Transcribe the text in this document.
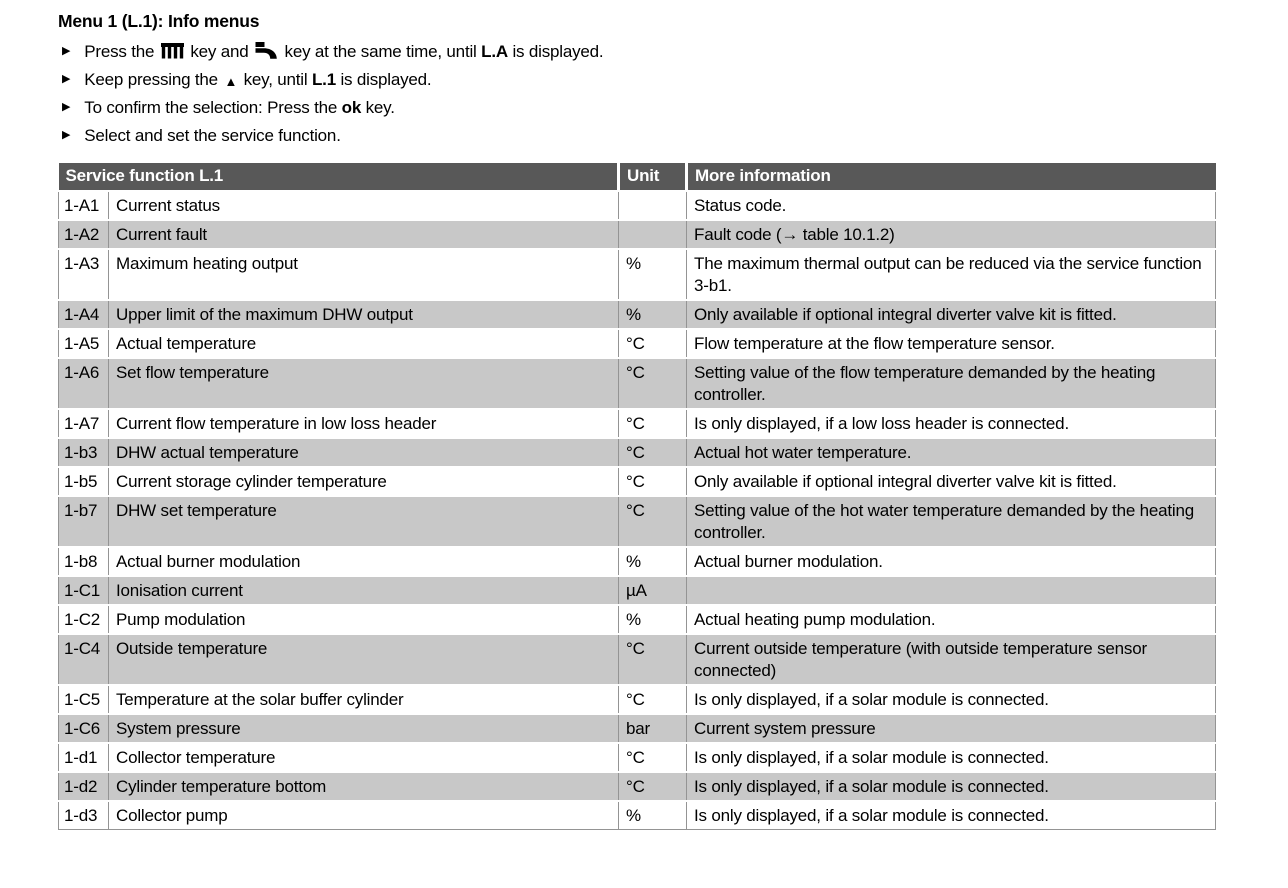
Menu 1 (L.1): Info menus
▶ Press the  key and  key at the same time, until L.A is displayed.
▶ Keep pressing the ▲ key, until L.1 is displayed.
▶ To confirm the selection: Press the ok key.
▶ Select and set the service function.
Service function L.1		Unit	More information
1-A1	Current status		Status code.
1-A2	Current fault		Fault code (→ table 10.1.2)
1-A3	Maximum heating output	%	The maximum thermal output can be reduced via the service function 3-b1.
1-A4	Upper limit of the maximum DHW output	%	Only available if optional integral diverter valve kit is fitted.
1-A5	Actual temperature	°C	Flow temperature at the flow temperature sensor.
1-A6	Set flow temperature	°C	Setting value of the flow temperature demanded by the heating controller.
1-A7	Current flow temperature in low loss header	°C	Is only displayed, if a low loss header is connected.
1-b3	DHW actual temperature	°C	Actual hot water temperature.
1-b5	Current storage cylinder temperature	°C	Only available if optional integral diverter valve kit is fitted.
1-b7	DHW set temperature	°C	Setting value of the hot water temperature demanded by the heating controller.
1-b8	Actual burner modulation	%	Actual burner modulation.
1-C1	Ionisation current	µA	
1-C2	Pump modulation	%	Actual heating pump modulation.
1-C4	Outside temperature	°C	Current outside temperature (with outside temperature sensor connected)
1-C5	Temperature at the solar buffer cylinder	°C	Is only displayed, if a solar module is connected.
1-C6	System pressure	bar	Current system pressure
1-d1	Collector temperature	°C	Is only displayed, if a solar module is connected.
1-d2	Cylinder temperature bottom	°C	Is only displayed, if a solar module is connected.
1-d3	Collector pump	%	Is only displayed, if a solar module is connected.
